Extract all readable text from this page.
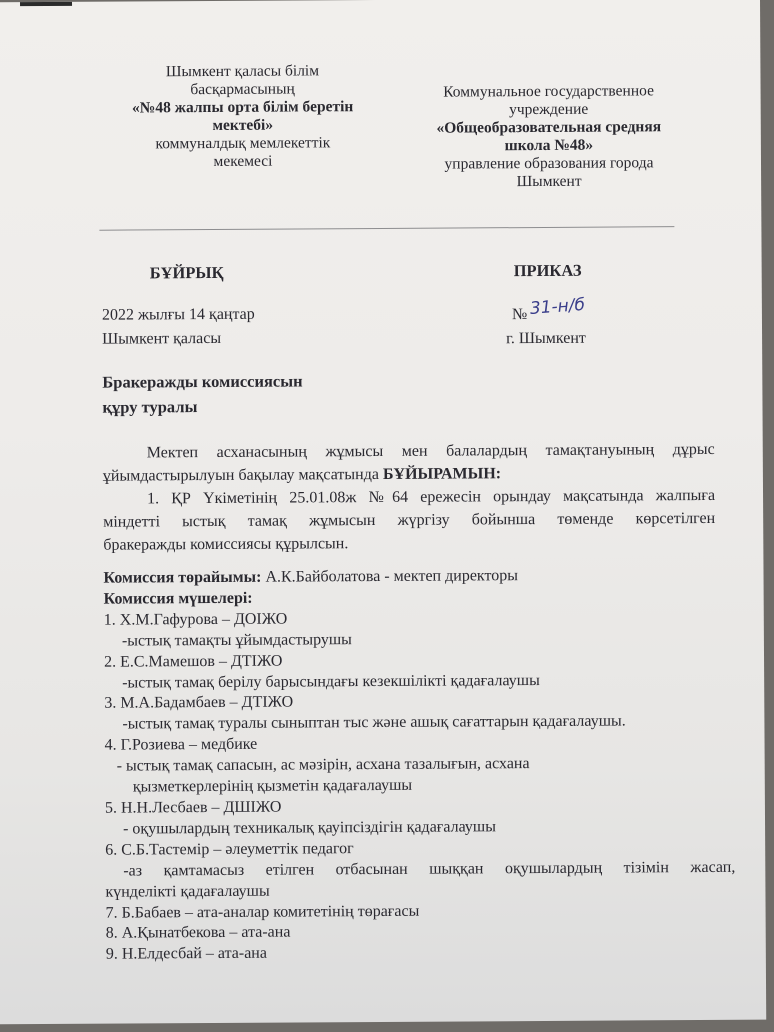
Шымкент қаласы білім
басқармасының
«№48 жалпы орта білім беретін
мектебі»
коммуналдық мемлекеттік
мекемесі
Коммунальное государственное
учреждение
«Общеобразовательная средняя
школа №48»
управление образования города
Шымкент
БҰЙРЫҚ	ПРИКАЗ
2022 жылғы 14 қаңтар
Шымкент қаласы
№ 31-н/б
г. Шымкент
Бракеражды комиссиясын
құру туралы
Мектеп асханасының жұмысы мен балалардың тамақтануының дұрыс
ұйымдастырылуын бақылау мақсатында БҰЙЫРАМЫН:
1. ҚР Үкіметінің 25.01.08ж №64 ережесін орындау мақсатында жалпыға
міндетті ыстық тамақ жұмысын жүргізу бойынша төменде көрсетілген
бракеражды комиссиясы құрылсын.
Комиссия төрайымы: А.К.Байболатова - мектеп директоры
Комиссия мүшелері:
1. Х.М.Гафурова – ДОІЖО
-ыстық тамақты ұйымдастырушы
2. Е.С.Мамешов – ДТІЖО
-ыстық тамақ берілу барысындағы кезекшілікті қадағалаушы
3. М.А.Бадамбаев – ДТІЖО
-ыстық тамақ туралы сыныптан тыс және ашық сағаттарын қадағалаушы.
4. Г.Розиева – медбике
- ыстық тамақ сапасын, ас мәзірін, асхана тазалығын, асхана
қызметкерлерінің қызметін қадағалаушы
5. Н.Н.Лесбаев – ДШІЖО
- оқушылардың техникалық қауіпсіздігін қадағалаушы
6. С.Б.Тастемір – әлеуметтік педагог
-аз қамтамасыз етілген отбасынан шыққан оқушылардың тізімін жасап,
күнделікті қадағалаушы
7. Б.Бабаев – ата-аналар комитетінің төрағасы
8. А.Қынатбекова – ата-ана
9. Н.Елдесбай – ата-ана
